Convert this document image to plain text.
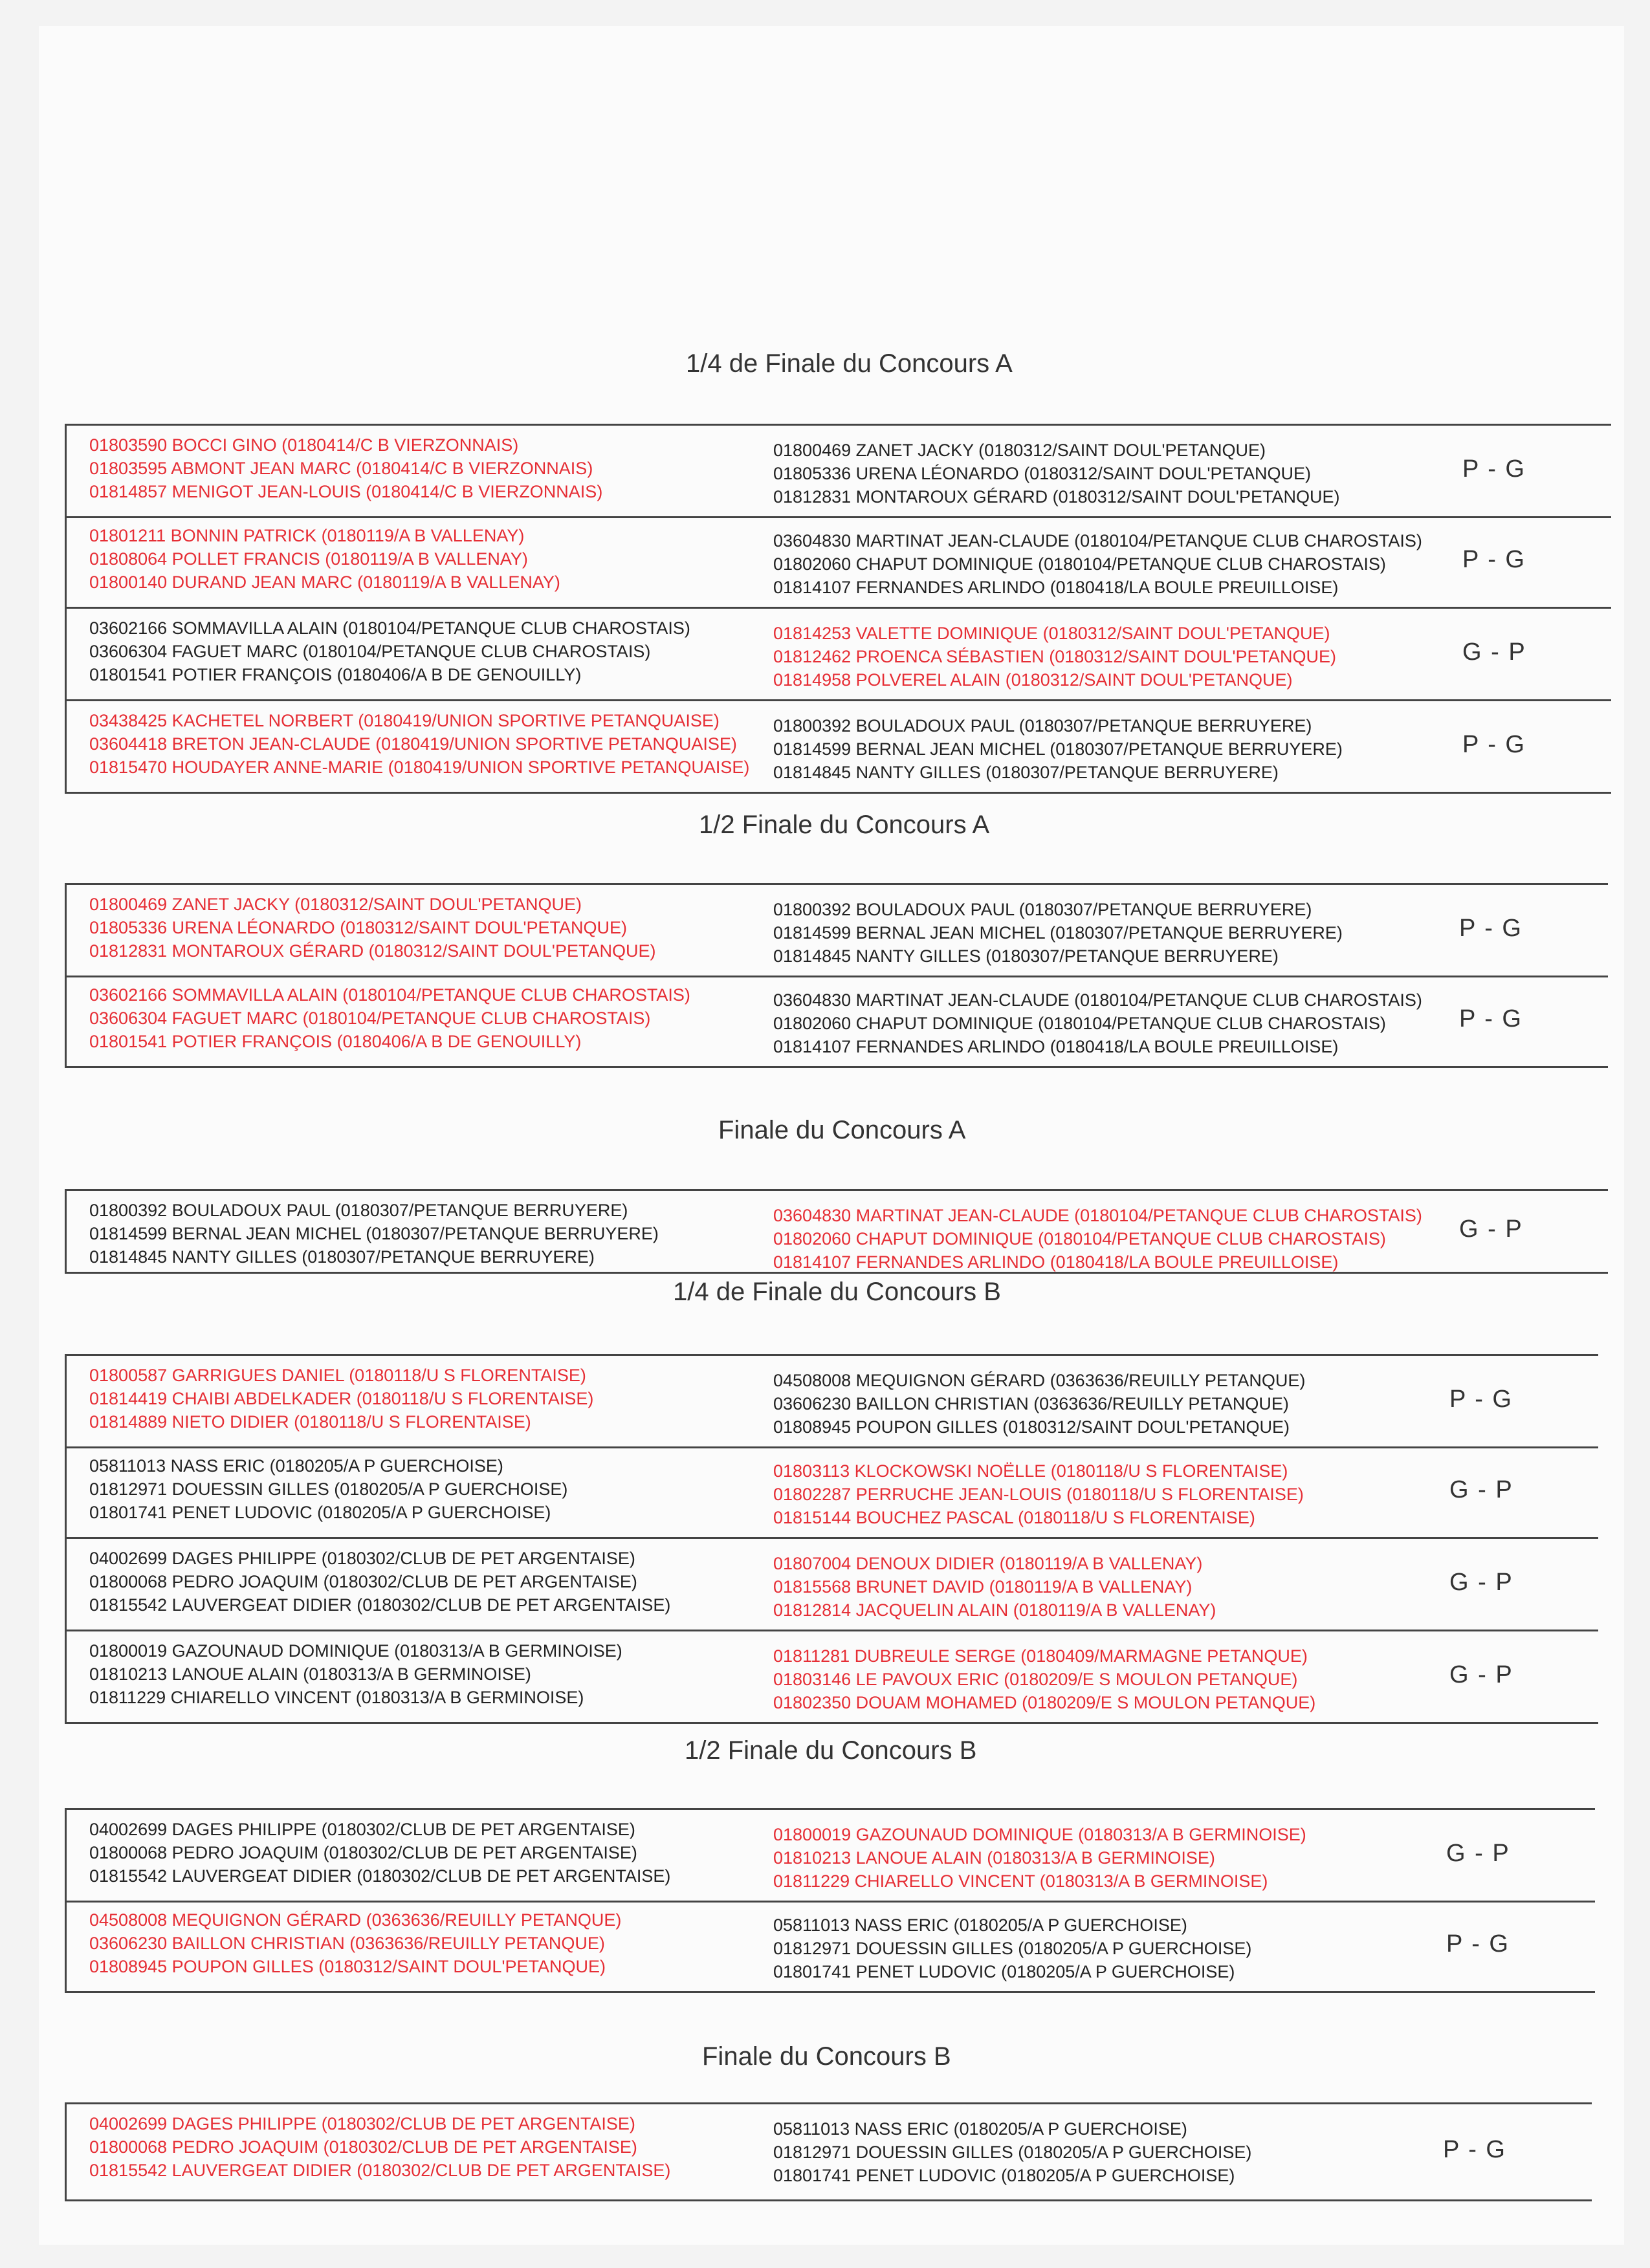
1/4 de Finale du Concours A
01803590 BOCCI GINO (0180414/C B VIERZONNAIS)
01803595 ABMONT JEAN MARC (0180414/C B VIERZONNAIS)
01814857 MENIGOT JEAN-LOUIS (0180414/C B VIERZONNAIS)
01800469 ZANET JACKY (0180312/SAINT DOUL'PETANQUE)
01805336 URENA LÉONARDO (0180312/SAINT DOUL'PETANQUE)
01812831 MONTAROUX GÉRARD (0180312/SAINT DOUL'PETANQUE)
P - G
01801211 BONNIN PATRICK (0180119/A B VALLENAY)
01808064 POLLET FRANCIS (0180119/A B VALLENAY)
01800140 DURAND JEAN MARC (0180119/A B VALLENAY)
03604830 MARTINAT JEAN-CLAUDE (0180104/PETANQUE CLUB CHAROSTAIS)
01802060 CHAPUT DOMINIQUE (0180104/PETANQUE CLUB CHAROSTAIS)
01814107 FERNANDES ARLINDO (0180418/LA BOULE PREUILLOISE)
P - G
03602166 SOMMAVILLA ALAIN (0180104/PETANQUE CLUB CHAROSTAIS)
03606304 FAGUET MARC (0180104/PETANQUE CLUB CHAROSTAIS)
01801541 POTIER FRANÇOIS (0180406/A B DE GENOUILLY)
01814253 VALETTE DOMINIQUE (0180312/SAINT DOUL'PETANQUE)
01812462 PROENCA SÉBASTIEN (0180312/SAINT DOUL'PETANQUE)
01814958 POLVEREL ALAIN (0180312/SAINT DOUL'PETANQUE)
G - P
03438425 KACHETEL NORBERT (0180419/UNION SPORTIVE PETANQUAISE)
03604418 BRETON JEAN-CLAUDE (0180419/UNION SPORTIVE PETANQUAISE)
01815470 HOUDAYER ANNE-MARIE (0180419/UNION SPORTIVE PETANQUAISE)
01800392 BOULADOUX PAUL (0180307/PETANQUE BERRUYERE)
01814599 BERNAL JEAN MICHEL (0180307/PETANQUE BERRUYERE)
01814845 NANTY GILLES (0180307/PETANQUE BERRUYERE)
P - G
1/2 Finale du Concours A
01800469 ZANET JACKY (0180312/SAINT DOUL'PETANQUE)
01805336 URENA LÉONARDO (0180312/SAINT DOUL'PETANQUE)
01812831 MONTAROUX GÉRARD (0180312/SAINT DOUL'PETANQUE)
01800392 BOULADOUX PAUL (0180307/PETANQUE BERRUYERE)
01814599 BERNAL JEAN MICHEL (0180307/PETANQUE BERRUYERE)
01814845 NANTY GILLES (0180307/PETANQUE BERRUYERE)
P - G
03602166 SOMMAVILLA ALAIN (0180104/PETANQUE CLUB CHAROSTAIS)
03606304 FAGUET MARC (0180104/PETANQUE CLUB CHAROSTAIS)
01801541 POTIER FRANÇOIS (0180406/A B DE GENOUILLY)
03604830 MARTINAT JEAN-CLAUDE (0180104/PETANQUE CLUB CHAROSTAIS)
01802060 CHAPUT DOMINIQUE (0180104/PETANQUE CLUB CHAROSTAIS)
01814107 FERNANDES ARLINDO (0180418/LA BOULE PREUILLOISE)
P - G
Finale du Concours A
01800392 BOULADOUX PAUL (0180307/PETANQUE BERRUYERE)
01814599 BERNAL JEAN MICHEL (0180307/PETANQUE BERRUYERE)
01814845 NANTY GILLES (0180307/PETANQUE BERRUYERE)
03604830 MARTINAT JEAN-CLAUDE (0180104/PETANQUE CLUB CHAROSTAIS)
01802060 CHAPUT DOMINIQUE (0180104/PETANQUE CLUB CHAROSTAIS)
01814107 FERNANDES ARLINDO (0180418/LA BOULE PREUILLOISE)
G - P
1/4 de Finale du Concours B
01800587 GARRIGUES DANIEL (0180118/U S FLORENTAISE)
01814419 CHAIBI ABDELKADER (0180118/U S FLORENTAISE)
01814889 NIETO DIDIER (0180118/U S FLORENTAISE)
04508008 MEQUIGNON GÉRARD (0363636/REUILLY PETANQUE)
03606230 BAILLON CHRISTIAN (0363636/REUILLY PETANQUE)
01808945 POUPON GILLES (0180312/SAINT DOUL'PETANQUE)
P - G
05811013 NASS ERIC (0180205/A P GUERCHOISE)
01812971 DOUESSIN GILLES (0180205/A P GUERCHOISE)
01801741 PENET LUDOVIC (0180205/A P GUERCHOISE)
01803113 KLOCKOWSKI NOËLLE (0180118/U S FLORENTAISE)
01802287 PERRUCHE JEAN-LOUIS (0180118/U S FLORENTAISE)
01815144 BOUCHEZ PASCAL (0180118/U S FLORENTAISE)
G - P
04002699 DAGES PHILIPPE (0180302/CLUB DE PET ARGENTAISE)
01800068 PEDRO JOAQUIM (0180302/CLUB DE PET ARGENTAISE)
01815542 LAUVERGEAT DIDIER (0180302/CLUB DE PET ARGENTAISE)
01807004 DENOUX DIDIER (0180119/A B VALLENAY)
01815568 BRUNET DAVID (0180119/A B VALLENAY)
01812814 JACQUELIN ALAIN (0180119/A B VALLENAY)
G - P
01800019 GAZOUNAUD DOMINIQUE (0180313/A B GERMINOISE)
01810213 LANOUE ALAIN (0180313/A B GERMINOISE)
01811229 CHIARELLO VINCENT (0180313/A B GERMINOISE)
01811281 DUBREULE SERGE (0180409/MARMAGNE PETANQUE)
01803146 LE PAVOUX ERIC (0180209/E S MOULON PETANQUE)
01802350 DOUAM MOHAMED (0180209/E S MOULON PETANQUE)
G - P
1/2 Finale du Concours B
04002699 DAGES PHILIPPE (0180302/CLUB DE PET ARGENTAISE)
01800068 PEDRO JOAQUIM (0180302/CLUB DE PET ARGENTAISE)
01815542 LAUVERGEAT DIDIER (0180302/CLUB DE PET ARGENTAISE)
01800019 GAZOUNAUD DOMINIQUE (0180313/A B GERMINOISE)
01810213 LANOUE ALAIN (0180313/A B GERMINOISE)
01811229 CHIARELLO VINCENT (0180313/A B GERMINOISE)
G - P
04508008 MEQUIGNON GÉRARD (0363636/REUILLY PETANQUE)
03606230 BAILLON CHRISTIAN (0363636/REUILLY PETANQUE)
01808945 POUPON GILLES (0180312/SAINT DOUL'PETANQUE)
05811013 NASS ERIC (0180205/A P GUERCHOISE)
01812971 DOUESSIN GILLES (0180205/A P GUERCHOISE)
01801741 PENET LUDOVIC (0180205/A P GUERCHOISE)
P - G
Finale du Concours B
04002699 DAGES PHILIPPE (0180302/CLUB DE PET ARGENTAISE)
01800068 PEDRO JOAQUIM (0180302/CLUB DE PET ARGENTAISE)
01815542 LAUVERGEAT DIDIER (0180302/CLUB DE PET ARGENTAISE)
05811013 NASS ERIC (0180205/A P GUERCHOISE)
01812971 DOUESSIN GILLES (0180205/A P GUERCHOISE)
01801741 PENET LUDOVIC (0180205/A P GUERCHOISE)
P - G
